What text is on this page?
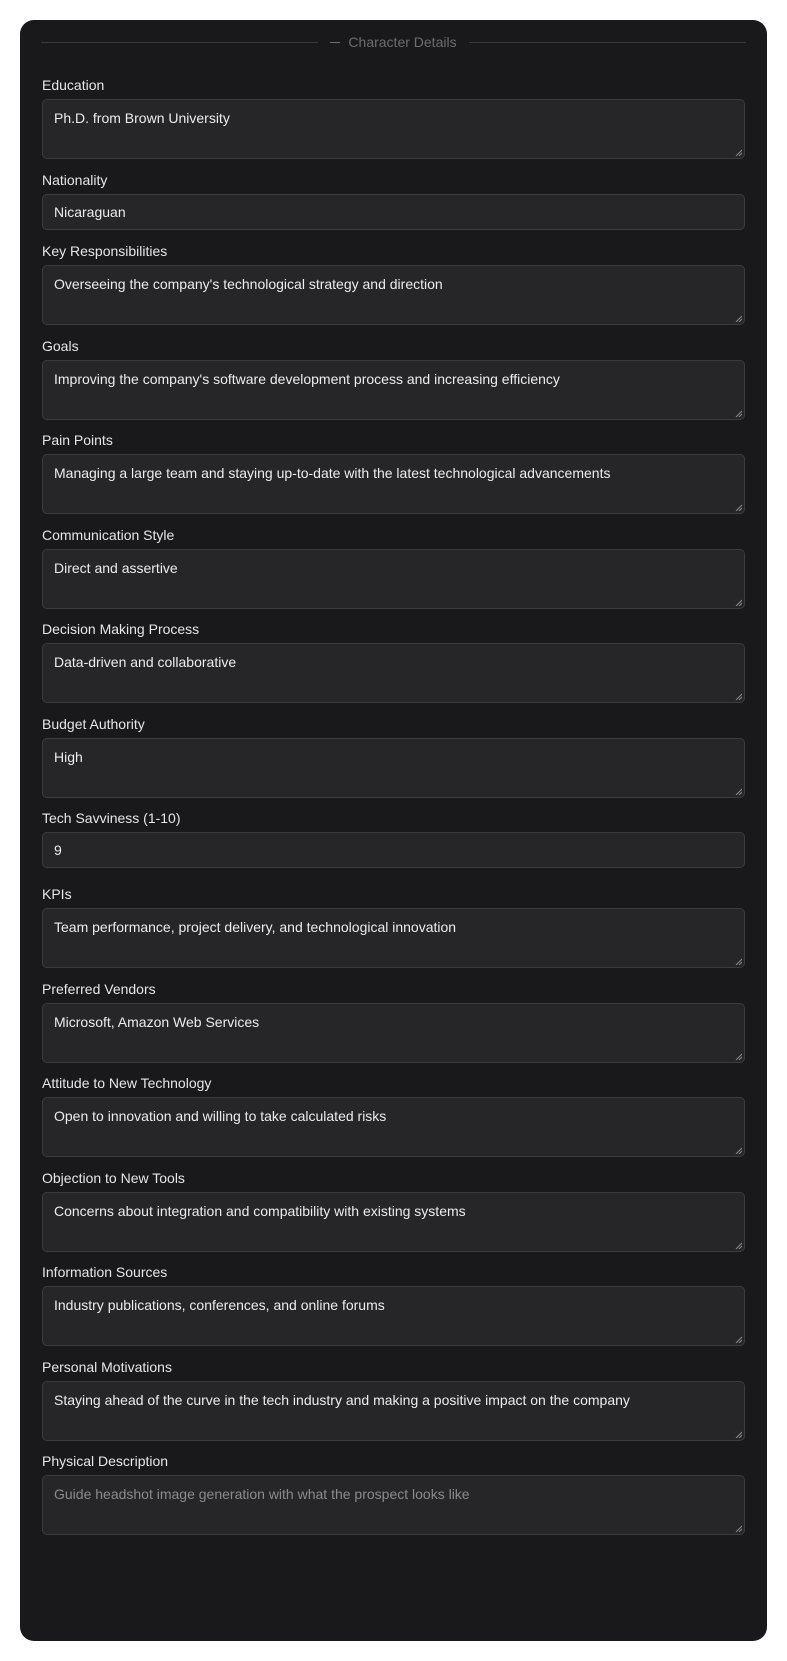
Character Details
Education
Ph.D. from Brown University
Nationality
Nicaraguan
Key Responsibilities
Overseeing the company's technological strategy and direction
Goals
Improving the company's software development process and increasing efficiency
Pain Points
Managing a large team and staying up-to-date with the latest technological advancements
Communication Style
Direct and assertive
Decision Making Process
Data-driven and collaborative
Budget Authority
High
Tech Savviness (1-10)
9
KPIs
Team performance, project delivery, and technological innovation
Preferred Vendors
Microsoft, Amazon Web Services
Attitude to New Technology
Open to innovation and willing to take calculated risks
Objection to New Tools
Concerns about integration and compatibility with existing systems
Information Sources
Industry publications, conferences, and online forums
Personal Motivations
Staying ahead of the curve in the tech industry and making a positive impact on the company
Physical Description
Guide headshot image generation with what the prospect looks like
